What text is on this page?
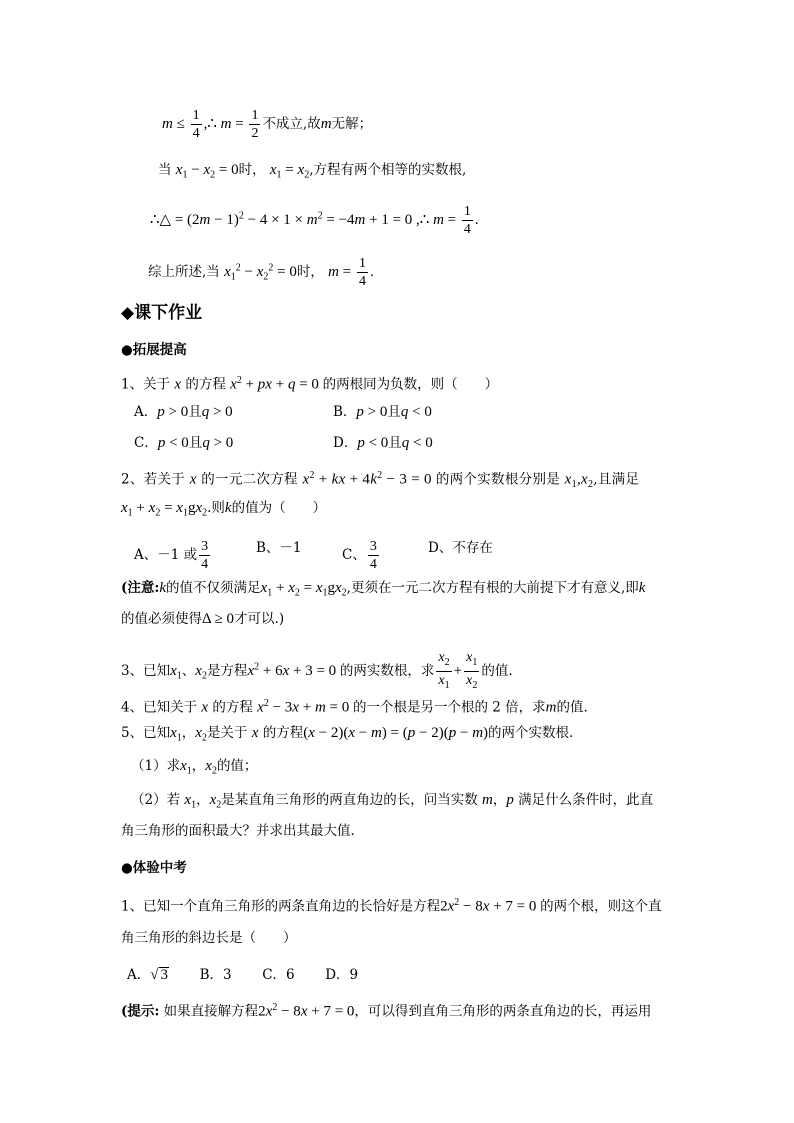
$m \le \frac{1}{4}$ ,∴ $m = \frac{1}{2}$ 不成立,故m无解；
当 $x_1 - x_2 = 0$时， $x_1 = x_2$,方程有两个相等的实数根,
∴△ = $(2m - 1)^2 - 4 \times 1 \times m^2 = -4m + 1 = 0$ ,∴ $m = \frac{1}{4}$ .
综上所述,当 $x_1^2 - x_2^2 = 0$时， $m = \frac{1}{4}$ .
◆课下作业
●拓展提高
1、关于 x 的方程 $x^2$ + px + q = 0 的两根同为负数，则（　　）
A．p > 0且q > 0	B．p > 0且q < 0
C．p < 0且q > 0	D．p < 0且q < 0
2、若关于 x 的一元二次方程 $x^2$ + kx + $4k^2 - 3 = 0$ 的两个实数根分别是 $x_1,x_2$,且满足
$x_1 + x_2 = x_1gx_2$.则k的值为（　　）
A、－1 或 $\frac{3}{4}$	B、－1	C、 $\frac{3}{4}$	D、不存在
(注意:k的值不仅须满足$x_1 + x_2 = x_1gx_2$,更须在一元二次方程有根的大前提下才有意义,即k
的值必须使得Δ ≥ 0才可以.)
3、已知$x_1$、$x_2$是方程$x^2 + 6x + 3 = 0$ 的两实数根，求 $\frac{x_2}{x_1} + \frac{x_1}{x_2}$ 的值.
4、已知关于 x 的方程 $x^2 - 3x + m = 0$ 的一个根是另一个根的 2 倍，求m的值.
5、已知$x_1$，$x_2$是关于 x 的方程(x − 2)(x − m) = (p − 2)(p − m)的两个实数根．
（1）求$x_1$，$x_2$的值；
（2）若 $x_1$，$x_2$是某直角三角形的两直角边的长，问当实数 m，p 满足什么条件时，此直
角三角形的面积最大？并求出其最大值．
●体验中考
1、已知一个直角三角形的两条直角边的长恰好是方程$2x^2 - 8x + 7 = 0$ 的两个根，则这个直
角三角形的斜边长是（　　）
A．√ 3 B．3 C．6 D．9
(提示: 如果直接解方程$2x^2 - 8x + 7 = 0$，可以得到直角三角形的两条直角边的长，再运用
